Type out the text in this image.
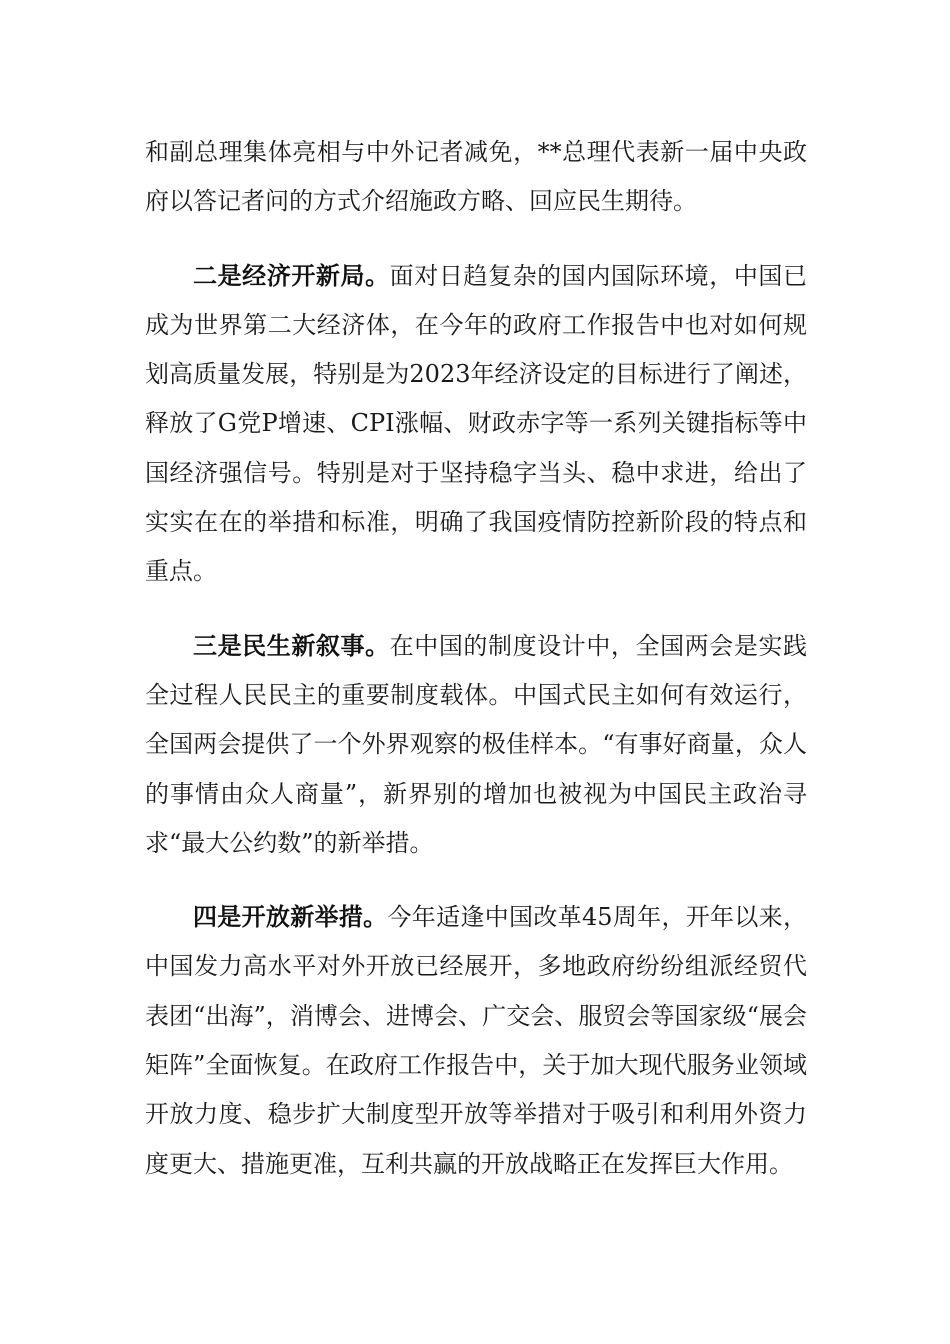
和副总理集体亮相与中外记者减免，**总理代表新一届中央政府以答记者问的方式介绍施政方略、回应民生期待。

二是经济开新局。面对日趋复杂的国内国际环境，中国已成为世界第二大经济体，在今年的政府工作报告中也对如何规划高质量发展，特别是为2023年经济设定的目标进行了阐述，释放了G党P增速、CPI涨幅、财政赤字等一系列关键指标等中国经济强信号。特别是对于坚持稳字当头、稳中求进，给出了实实在在的举措和标准，明确了我国疫情防控新阶段的特点和重点。

三是民生新叙事。在中国的制度设计中，全国两会是实践全过程人民民主的重要制度载体。中国式民主如何有效运行，全国两会提供了一个外界观察的极佳样本。“有事好商量，众人的事情由众人商量”，新界别的增加也被视为中国民主政治寻求“最大公约数”的新举措。

四是开放新举措。今年适逢中国改革45周年，开年以来，中国发力高水平对外开放已经展开，多地政府纷纷组派经贸代表团“出海”，消博会、进博会、广交会、服贸会等国家级“展会矩阵”全面恢复。在政府工作报告中，关于加大现代服务业领域开放力度、稳步扩大制度型开放等举措对于吸引和利用外资力度更大、措施更准，互利共赢的开放战略正在发挥巨大作用。
